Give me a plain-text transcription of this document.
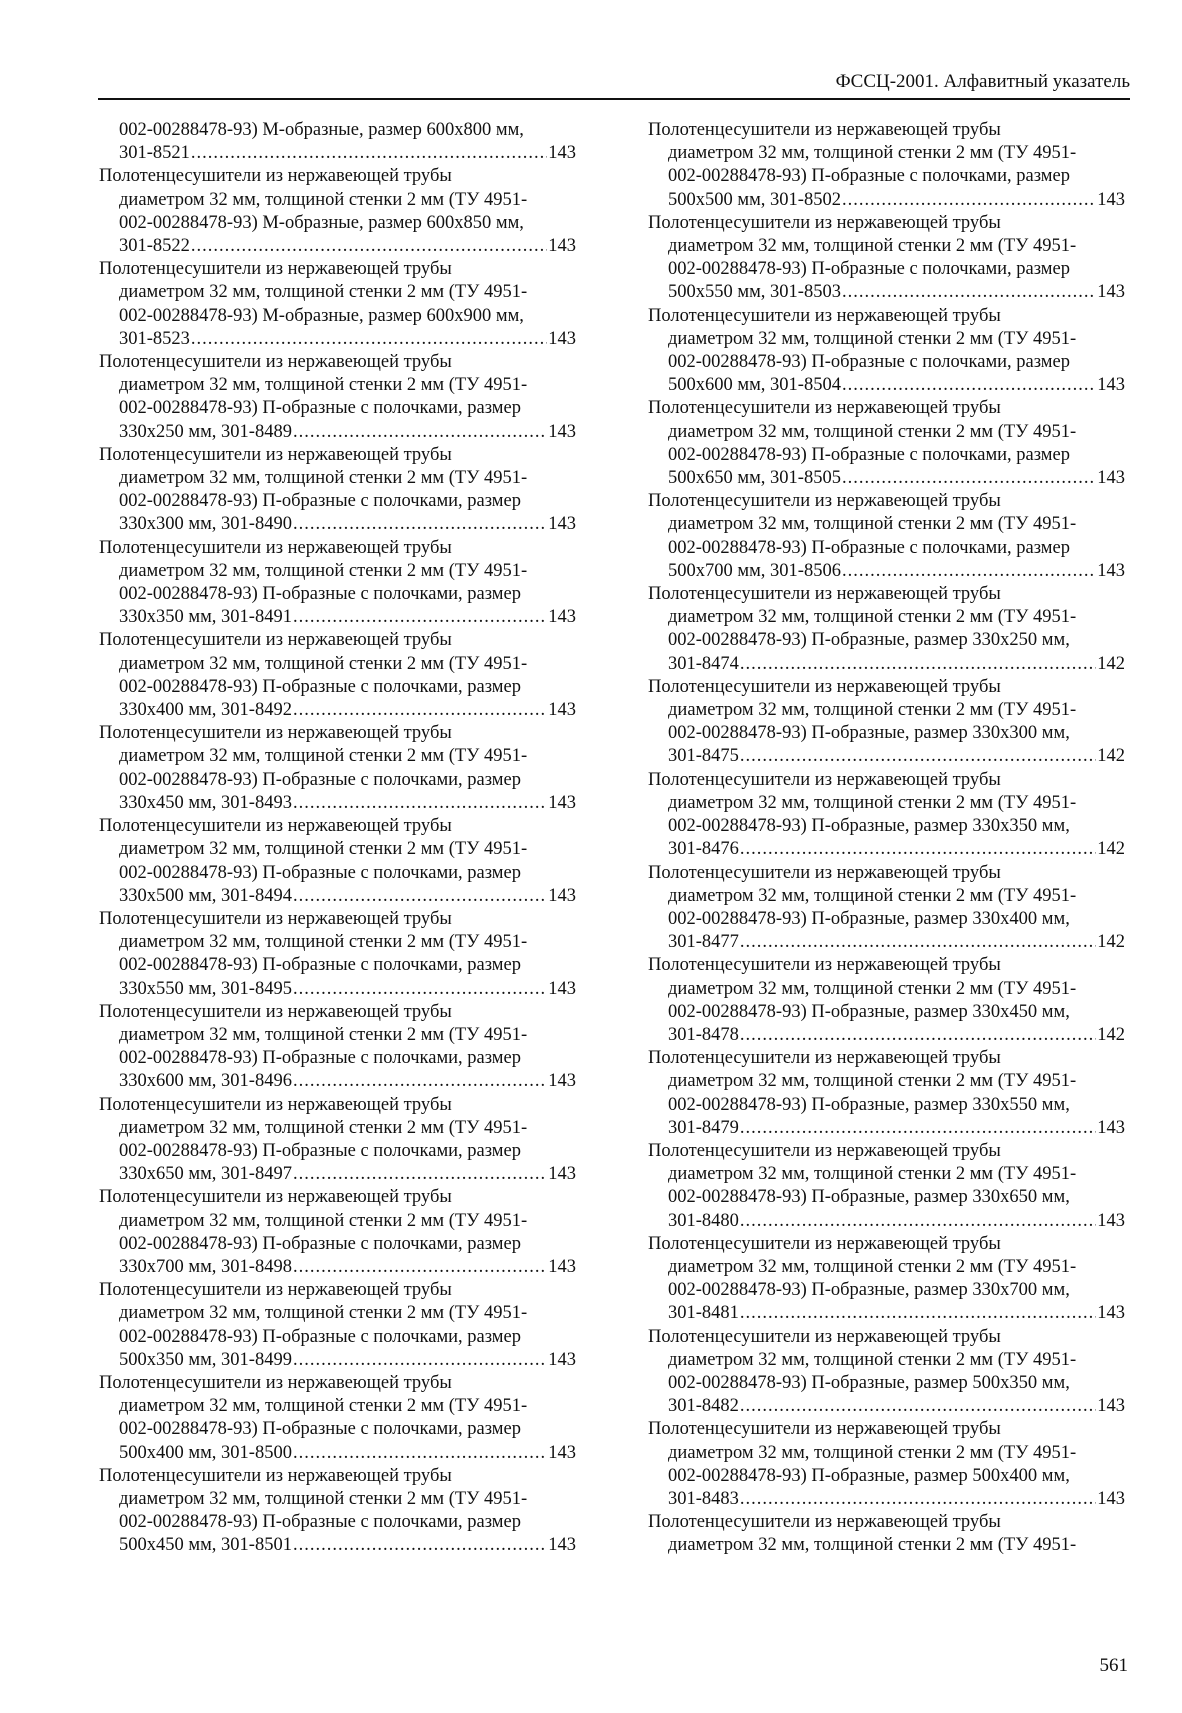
ФССЦ-2001. Алфавитный указатель
002-00288478-93) М-образные, размер 600x800 мм,
301-8521 .....	143
Полотенцесушители из нержавеющей трубы
диаметром 32 мм, толщиной стенки 2 мм (ТУ 4951-
002-00288478-93) М-образные, размер 600x850 мм,
301-8522 .....	143
Полотенцесушители из нержавеющей трубы
диаметром 32 мм, толщиной стенки 2 мм (ТУ 4951-
002-00288478-93) М-образные, размер 600x900 мм,
301-8523 .....	143
Полотенцесушители из нержавеющей трубы
диаметром 32 мм, толщиной стенки 2 мм (ТУ 4951-
002-00288478-93) П-образные с полочками, размер
330x250 мм, 301-8489 .....	143
Полотенцесушители из нержавеющей трубы
диаметром 32 мм, толщиной стенки 2 мм (ТУ 4951-
002-00288478-93) П-образные с полочками, размер
330x300 мм, 301-8490 .....	143
Полотенцесушители из нержавеющей трубы
диаметром 32 мм, толщиной стенки 2 мм (ТУ 4951-
002-00288478-93) П-образные с полочками, размер
330x350 мм, 301-8491 .....	143
Полотенцесушители из нержавеющей трубы
диаметром 32 мм, толщиной стенки 2 мм (ТУ 4951-
002-00288478-93) П-образные с полочками, размер
330x400 мм, 301-8492 .....	143
Полотенцесушители из нержавеющей трубы
диаметром 32 мм, толщиной стенки 2 мм (ТУ 4951-
002-00288478-93) П-образные с полочками, размер
330x450 мм, 301-8493 .....	143
Полотенцесушители из нержавеющей трубы
диаметром 32 мм, толщиной стенки 2 мм (ТУ 4951-
002-00288478-93) П-образные с полочками, размер
330x500 мм, 301-8494 .....	143
Полотенцесушители из нержавеющей трубы
диаметром 32 мм, толщиной стенки 2 мм (ТУ 4951-
002-00288478-93) П-образные с полочками, размер
330x550 мм, 301-8495 .....	143
Полотенцесушители из нержавеющей трубы
диаметром 32 мм, толщиной стенки 2 мм (ТУ 4951-
002-00288478-93) П-образные с полочками, размер
330x600 мм, 301-8496 .....	143
Полотенцесушители из нержавеющей трубы
диаметром 32 мм, толщиной стенки 2 мм (ТУ 4951-
002-00288478-93) П-образные с полочками, размер
330x650 мм, 301-8497 .....	143
Полотенцесушители из нержавеющей трубы
диаметром 32 мм, толщиной стенки 2 мм (ТУ 4951-
002-00288478-93) П-образные с полочками, размер
330x700 мм, 301-8498 .....	143
Полотенцесушители из нержавеющей трубы
диаметром 32 мм, толщиной стенки 2 мм (ТУ 4951-
002-00288478-93) П-образные с полочками, размер
500x350 мм, 301-8499 .....	143
Полотенцесушители из нержавеющей трубы
диаметром 32 мм, толщиной стенки 2 мм (ТУ 4951-
002-00288478-93) П-образные с полочками, размер
500x400 мм, 301-8500 .....	143
Полотенцесушители из нержавеющей трубы
диаметром 32 мм, толщиной стенки 2 мм (ТУ 4951-
002-00288478-93) П-образные с полочками, размер
500x450 мм, 301-8501 .....	143
Полотенцесушители из нержавеющей трубы
диаметром 32 мм, толщиной стенки 2 мм (ТУ 4951-
002-00288478-93) П-образные с полочками, размер
500x500 мм, 301-8502 .....	143
Полотенцесушители из нержавеющей трубы
диаметром 32 мм, толщиной стенки 2 мм (ТУ 4951-
002-00288478-93) П-образные с полочками, размер
500x550 мм, 301-8503 .....	143
Полотенцесушители из нержавеющей трубы
диаметром 32 мм, толщиной стенки 2 мм (ТУ 4951-
002-00288478-93) П-образные с полочками, размер
500x600 мм, 301-8504 .....	143
Полотенцесушители из нержавеющей трубы
диаметром 32 мм, толщиной стенки 2 мм (ТУ 4951-
002-00288478-93) П-образные с полочками, размер
500x650 мм, 301-8505 .....	143
Полотенцесушители из нержавеющей трубы
диаметром 32 мм, толщиной стенки 2 мм (ТУ 4951-
002-00288478-93) П-образные с полочками, размер
500x700 мм, 301-8506 .....	143
Полотенцесушители из нержавеющей трубы
диаметром 32 мм, толщиной стенки 2 мм (ТУ 4951-
002-00288478-93) П-образные, размер 330x250 мм,
301-8474 .....	142
Полотенцесушители из нержавеющей трубы
диаметром 32 мм, толщиной стенки 2 мм (ТУ 4951-
002-00288478-93) П-образные, размер 330x300 мм,
301-8475 .....	142
Полотенцесушители из нержавеющей трубы
диаметром 32 мм, толщиной стенки 2 мм (ТУ 4951-
002-00288478-93) П-образные, размер 330x350 мм,
301-8476 .....	142
Полотенцесушители из нержавеющей трубы
диаметром 32 мм, толщиной стенки 2 мм (ТУ 4951-
002-00288478-93) П-образные, размер 330x400 мм,
301-8477 .....	142
Полотенцесушители из нержавеющей трубы
диаметром 32 мм, толщиной стенки 2 мм (ТУ 4951-
002-00288478-93) П-образные, размер 330x450 мм,
301-8478 .....	142
Полотенцесушители из нержавеющей трубы
диаметром 32 мм, толщиной стенки 2 мм (ТУ 4951-
002-00288478-93) П-образные, размер 330x550 мм,
301-8479 .....	143
Полотенцесушители из нержавеющей трубы
диаметром 32 мм, толщиной стенки 2 мм (ТУ 4951-
002-00288478-93) П-образные, размер 330x650 мм,
301-8480 .....	143
Полотенцесушители из нержавеющей трубы
диаметром 32 мм, толщиной стенки 2 мм (ТУ 4951-
002-00288478-93) П-образные, размер 330x700 мм,
301-8481 .....	143
Полотенцесушители из нержавеющей трубы
диаметром 32 мм, толщиной стенки 2 мм (ТУ 4951-
002-00288478-93) П-образные, размер 500x350 мм,
301-8482 .....	143
Полотенцесушители из нержавеющей трубы
диаметром 32 мм, толщиной стенки 2 мм (ТУ 4951-
002-00288478-93) П-образные, размер 500x400 мм,
301-8483 .....	143
Полотенцесушители из нержавеющей трубы
диаметром 32 мм, толщиной стенки 2 мм (ТУ 4951-
561
